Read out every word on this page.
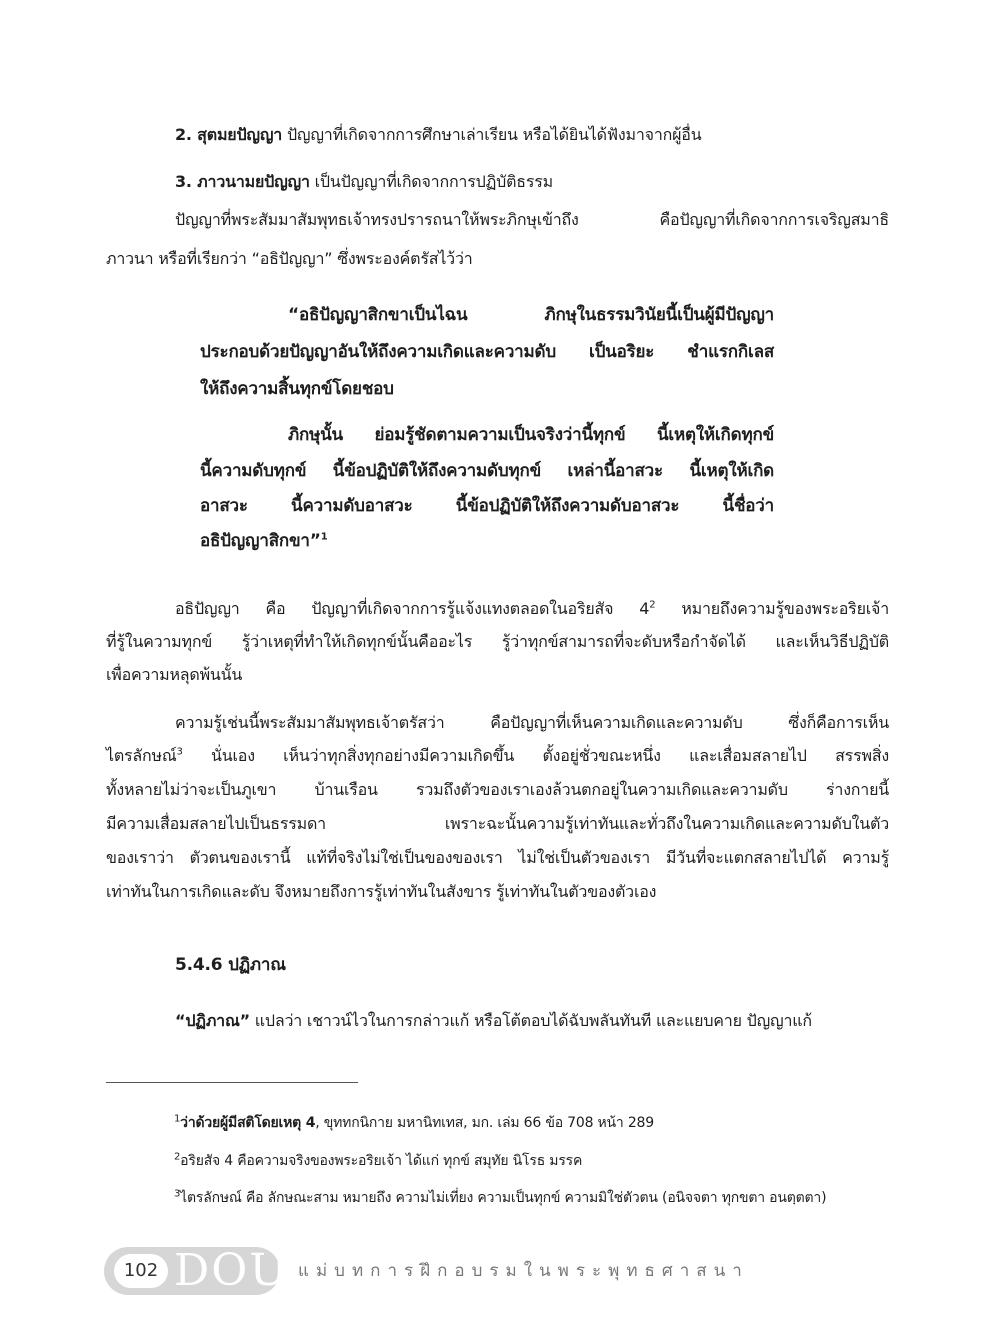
2. สุตมยปัญญา ปัญญาที่เกิดจากการศึกษาเล่าเรียน หรือได้ยินได้ฟังมาจากผู้อื่น
3. ภาวนามยปัญญา เป็นปัญญาที่เกิดจากการปฏิบัติธรรม
ปัญญาที่พระสัมมาสัมพุทธเจ้าทรงปรารถนาให้พระภิกษุเข้าถึง คือปัญญาที่เกิดจากการเจริญสมาธิ
ภาวนา หรือที่เรียกว่า “อธิปัญญา” ซึ่งพระองค์ตรัสไว้ว่า
“อธิปัญญาสิกขาเป็นไฉน ภิกษุในธรรมวินัยนี้เป็นผู้มีปัญญา
ประกอบด้วยปัญญาอันให้ถึงความเกิดและความดับ เป็นอริยะ ชำแรกกิเลส
ให้ถึงความสิ้นทุกข์โดยชอบ
ภิกษุนั้น ย่อมรู้ชัดตามความเป็นจริงว่านี้ทุกข์ นี้เหตุให้เกิดทุกข์
นี้ความดับทุกข์ นี้ข้อปฏิบัติให้ถึงความดับทุกข์ เหล่านี้อาสวะ นี้เหตุให้เกิด
อาสวะ นี้ความดับอาสวะ นี้ข้อปฏิบัติให้ถึงความดับอาสวะ นี้ชื่อว่า
อธิปัญญาสิกขา”$^1$
อธิปัญญา คือ ปัญญาที่เกิดจากการรู้แจ้งแทงตลอดในอริยสัจ $4^2$ หมายถึงความรู้ของพระอริยเจ้า
ที่รู้ในความทุกข์ รู้ว่าเหตุที่ทำให้เกิดทุกข์นั้นคืออะไร รู้ว่าทุกข์สามารถที่จะดับหรือกำจัดได้ และเห็นวิธีปฏิบัติ
เพื่อความหลุดพ้นนั้น
ความรู้เช่นนี้พระสัมมาสัมพุทธเจ้าตรัสว่า คือปัญญาที่เห็นความเกิดและความดับ ซึ่งก็คือการเห็น
ไตรลักษณ์$^3$ นั่นเอง เห็นว่าทุกสิ่งทุกอย่างมีความเกิดขึ้น ตั้งอยู่ชั่วขณะหนึ่ง และเสื่อมสลายไป สรรพสิ่ง
ทั้งหลายไม่ว่าจะเป็นภูเขา บ้านเรือน รวมถึงตัวของเราเองล้วนตกอยู่ในความเกิดและความดับ ร่างกายนี้
มีความเสื่อมสลายไปเป็นธรรมดา เพราะฉะนั้นความรู้เท่าทันและทั่วถึงในความเกิดและความดับในตัว
ของเราว่า ตัวตนของเรานี้ แท้ที่จริงไม่ใช่เป็นของของเรา ไม่ใช่เป็นตัวของเรา มีวันที่จะแตกสลายไปได้ ความรู้
เท่าทันในการเกิดและดับ จึงหมายถึงการรู้เท่าทันในสังขาร รู้เท่าทันในตัวของตัวเอง
5.4.6 ปฏิภาณ
“ปฏิภาณ” แปลว่า เชาวน์ไวในการกล่าวแก้ หรือโต้ตอบได้ฉับพลันทันที และแยบคาย ปัญญาแก้
$^1$ว่าด้วยผู้มีสติโดยเหตุ 4, ขุททกนิกาย มหานิทเทส, มก. เล่ม 66 ข้อ 708 หน้า 289
$^2$อริยสัจ 4 คือความจริงของพระอริยเจ้า ได้แก่ ทุกข์ สมุทัย นิโรธ มรรค
$^3$ไตรลักษณ์ คือ ลักษณะสาม หมายถึง ความไม่เที่ยง ความเป็นทุกข์ ความมิใช่ตัวตน (อนิจจตา ทุกขตา อนตฺตตา)
102 DOU แม่บทการฝึกอบรมในพระพุทธศาสนา
